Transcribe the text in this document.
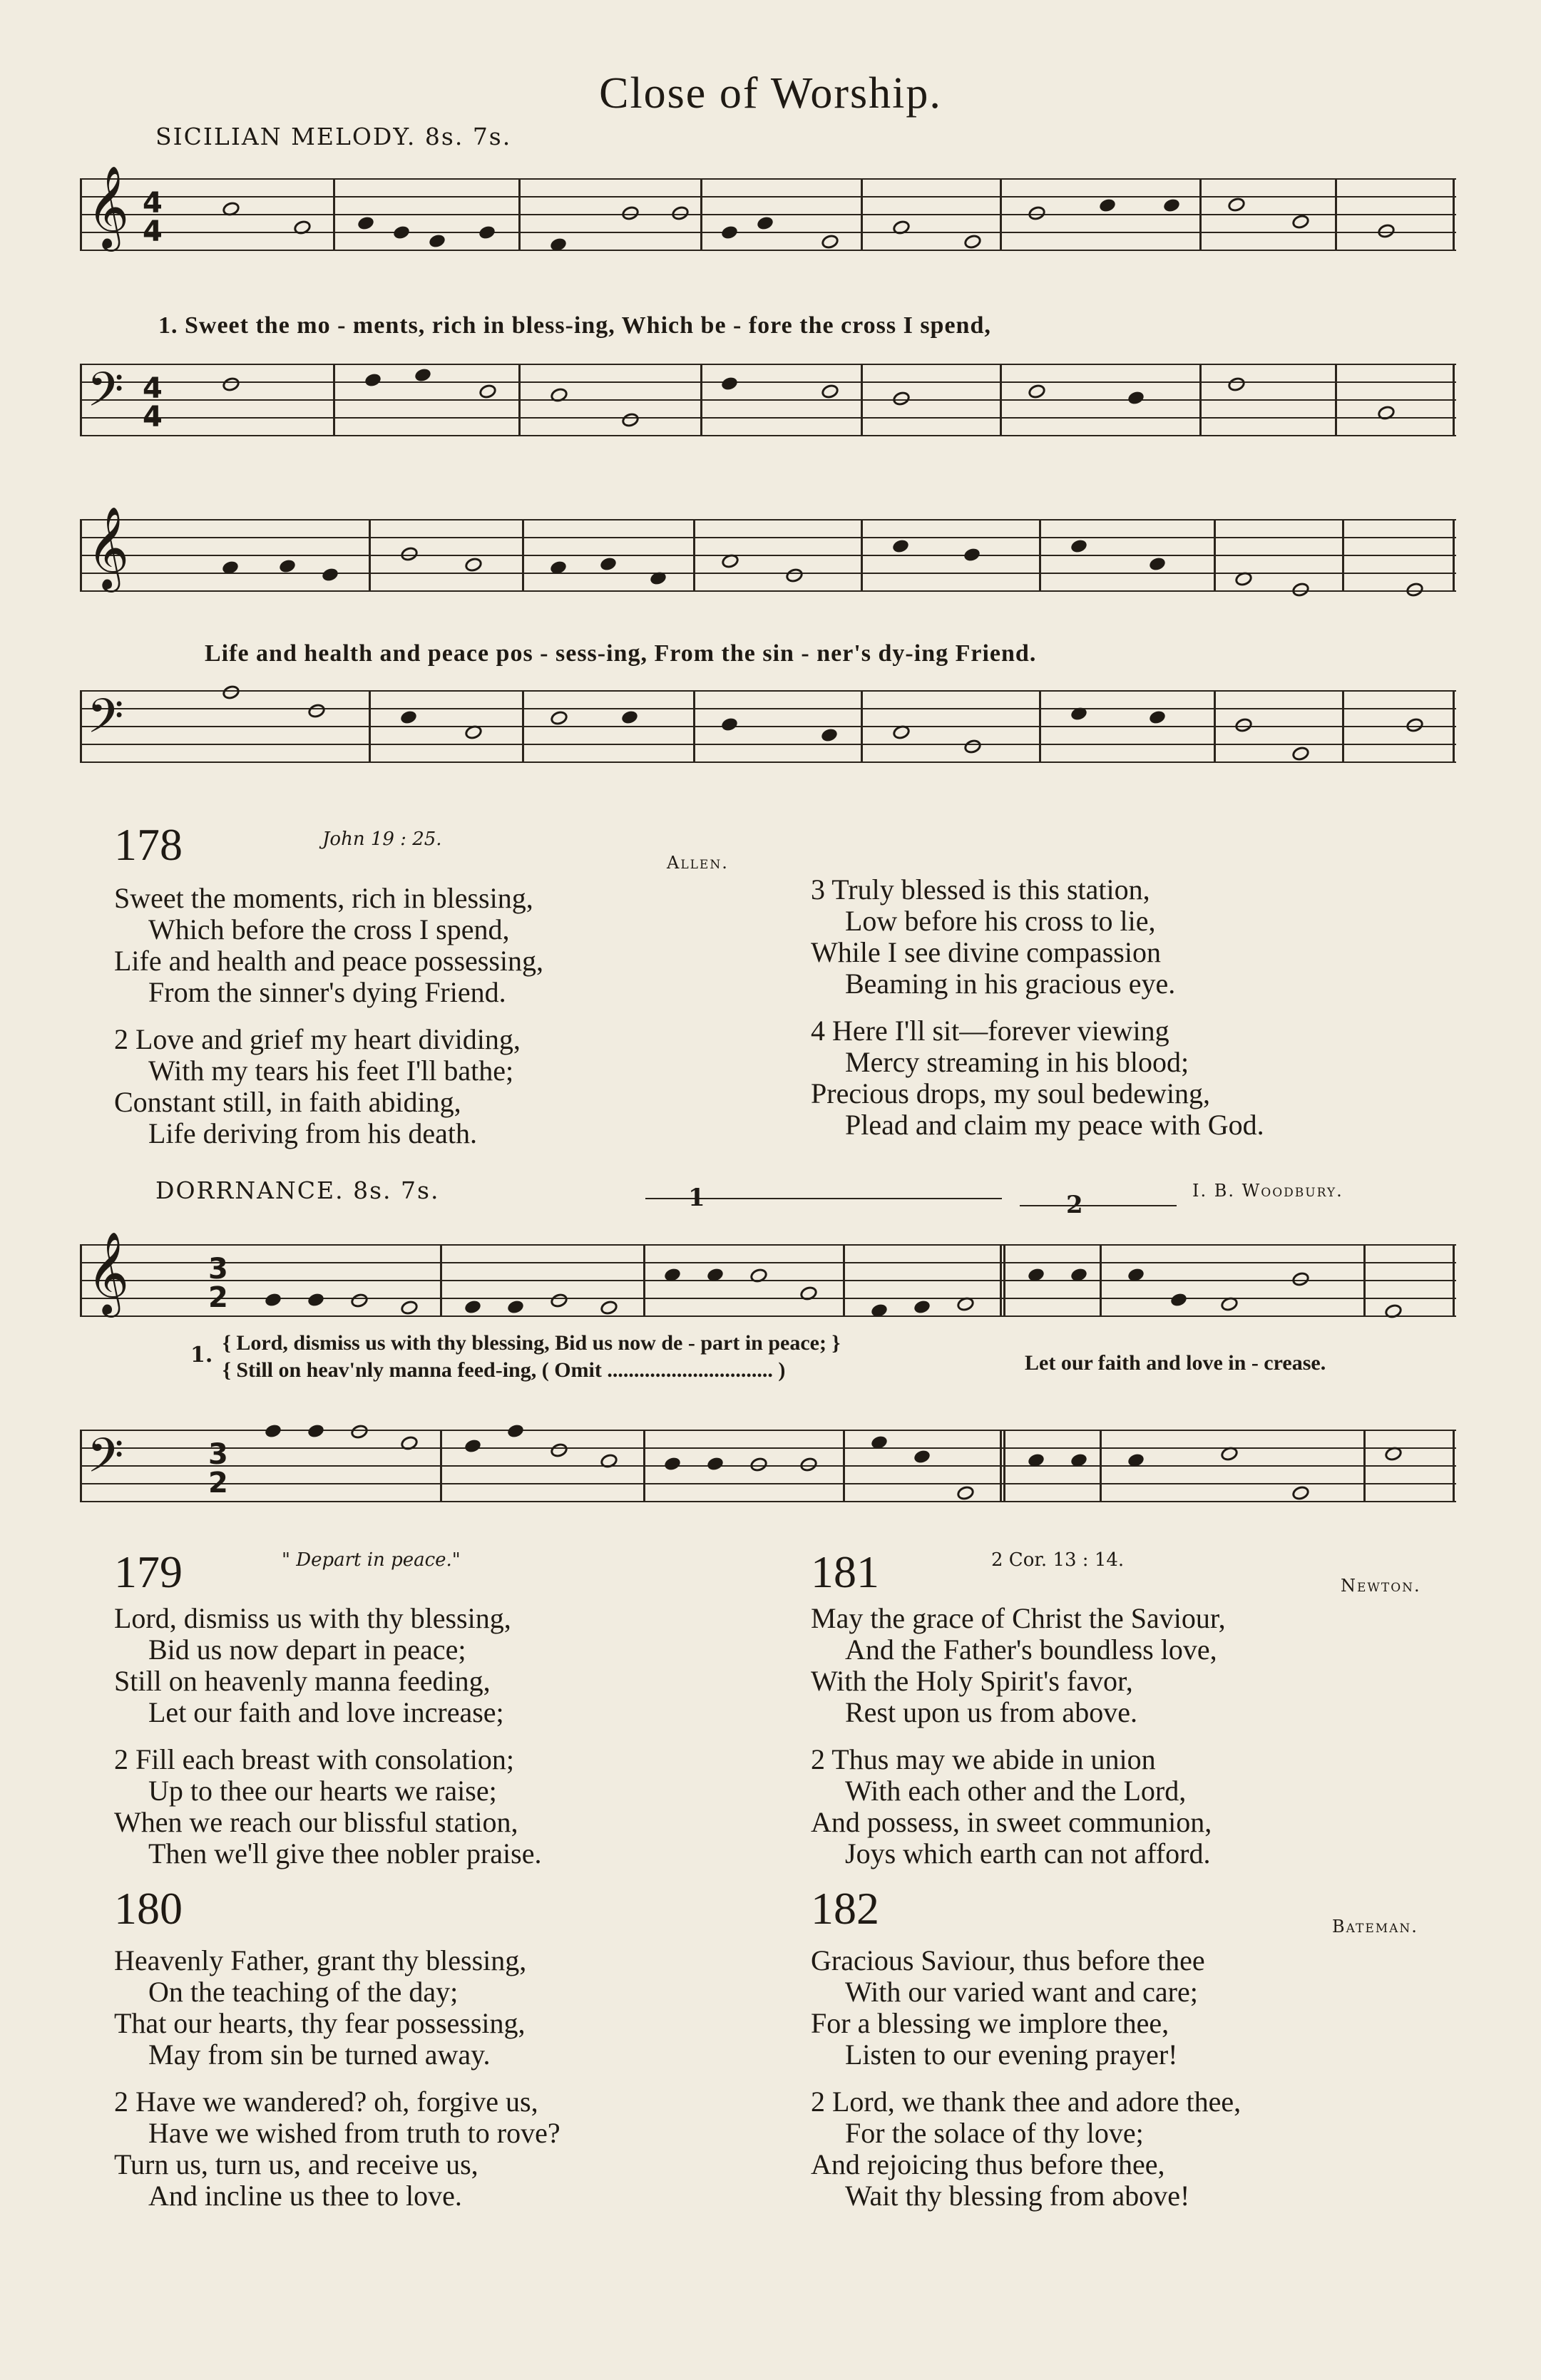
Close of Worship.
SICILIAN MELODY. 8s. 7s.
𝄞 4
4
1. Sweet the mo - ments, rich in bless-ing, Which be - fore the cross I spend,
𝄢 4
4
𝄞
Life and health and peace pos - sess-ing, From the sin - ner's dy-ing Friend.
𝄢
178	John 19 : 25.
Allen.
Sweet the moments, rich in blessing,
Which before the cross I spend,
Life and health and peace possessing,
From the sinner's dying Friend.
2 Love and grief my heart dividing,
With my tears his feet I'll bathe;
Constant still, in faith abiding,
Life deriving from his death.
3 Truly blessed is this station,
Low before his cross to lie,
While I see divine compassion
Beaming in his gracious eye.
4 Here I'll sit—forever viewing
Mercy streaming in his blood;
Precious drops, my soul bedewing,
Plead and claim my peace with God.
DORRNANCE. 8s. 7s.	I. B. Woodbury.
1	2
𝄞	3
2
1. { Lord, dismiss us with thy blessing, Bid us now de - part in peace; }
{ Still on heav'nly manna feed-ing, ( Omit ............................... )	Let our faith and love in - crease.
𝄢	3
2
179	" Depart in peace."
Lord, dismiss us with thy blessing,
Bid us now depart in peace;
Still on heavenly manna feeding,
Let our faith and love increase;
2 Fill each breast with consolation;
Up to thee our hearts we raise;
When we reach our blissful station,
Then we'll give thee nobler praise.
180
Heavenly Father, grant thy blessing,
On the teaching of the day;
That our hearts, thy fear possessing,
May from sin be turned away.
2 Have we wandered? oh, forgive us,
Have we wished from truth to rove?
Turn us, turn us, and receive us,
And incline us thee to love.
181	2 Cor. 13 : 14.
Newton.
May the grace of Christ the Saviour,
And the Father's boundless love,
With the Holy Spirit's favor,
Rest upon us from above.
2 Thus may we abide in union
With each other and the Lord,
And possess, in sweet communion,
Joys which earth can not afford.
182	Bateman.
Gracious Saviour, thus before thee
With our varied want and care;
For a blessing we implore thee,
Listen to our evening prayer!
2 Lord, we thank thee and adore thee,
For the solace of thy love;
And rejoicing thus before thee,
Wait thy blessing from above!
